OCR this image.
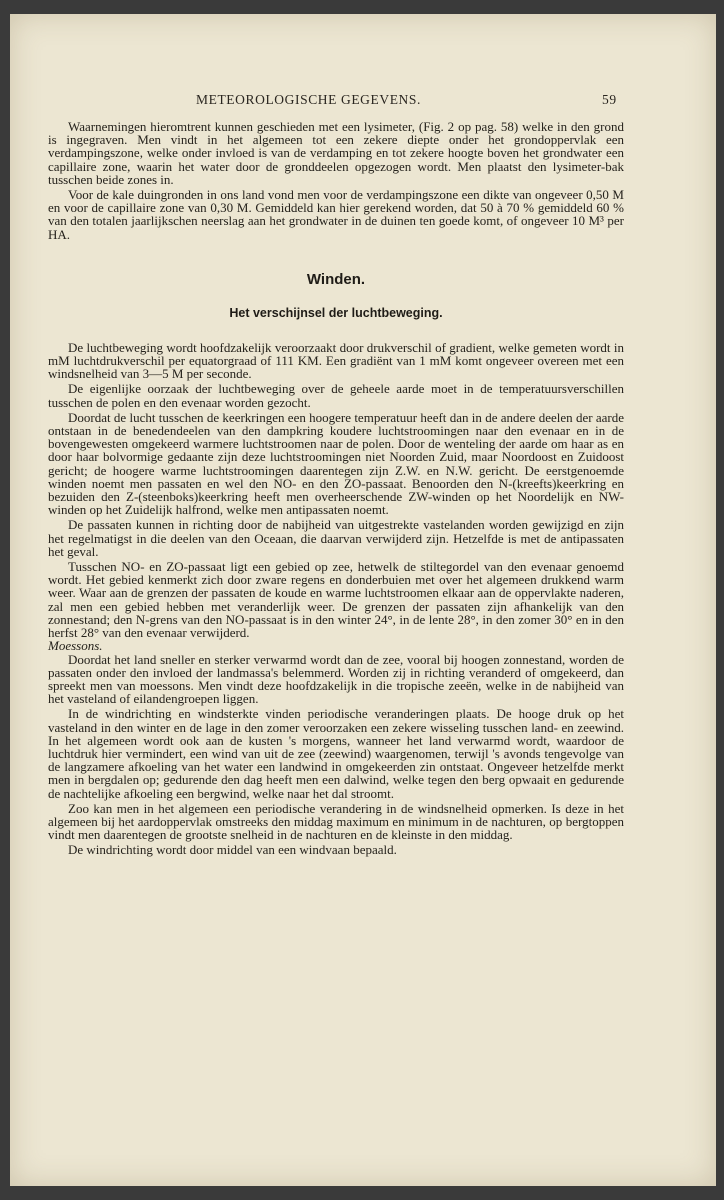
METEOROLOGISCHE GEGEVENS.	59

Waarnemingen hieromtrent kunnen geschieden met een lysimeter, (Fig. 2 op pag. 58) welke in den grond is ingegraven. Men vindt in het algemeen tot een zekere diepte onder het grondoppervlak een verdampingszone, welke onder invloed is van de verdamping en tot zekere hoogte boven het grondwater een capillaire zone, waarin het water door de gronddeelen opgezogen wordt. Men plaatst den lysimeter-bak tusschen beide zones in.

Voor de kale duingronden in ons land vond men voor de verdampingszone een dikte van ongeveer 0,50 M en voor de capillaire zone van 0,30 M. Gemiddeld kan hier gerekend worden, dat 50 à 70 % gemiddeld 60 % van den totalen jaarlijkschen neerslag aan het grondwater in de duinen ten goede komt, of ongeveer 10 M³ per HA.

Winden.
Het verschijnsel der luchtbeweging.

De luchtbeweging wordt hoofdzakelijk veroorzaakt door drukverschil of gradient, welke gemeten wordt in mM luchtdrukverschil per equatorgraad of 111 KM. Een gradiënt van 1 mM komt ongeveer overeen met een windsnelheid van 3—5 M per seconde.

De eigenlijke oorzaak der luchtbeweging over de geheele aarde moet in de temperatuursverschillen tusschen de polen en den evenaar worden gezocht.

Doordat de lucht tusschen de keerkringen een hoogere temperatuur heeft dan in de andere deelen der aarde ontstaan in de benedendeelen van den dampkring koudere luchtstroomingen naar den evenaar en in de bovengewesten omgekeerd warmere luchtstroomen naar de polen. Door de wenteling der aarde om haar as en door haar bolvormige gedaante zijn deze luchtstroomingen niet Noorden Zuid, maar Noordoost en Zuidoost gericht; de hoogere warme luchtstroomingen daarentegen zijn Z.W. en N.W. gericht. De eerstgenoemde winden noemt men passaten en wel den NO- en den ZO-passaat. Benoorden den N-(kreefts)keerkring en bezuiden den Z-(steenboks)keerkring heeft men overheerschende ZW-winden op het Noordelijk en NW-winden op het Zuidelijk halfrond, welke men antipassaten noemt.

De passaten kunnen in richting door de nabijheid van uitgestrekte vastelanden worden gewijzigd en zijn het regelmatigst in die deelen van den Oceaan, die daarvan verwijderd zijn. Hetzelfde is met de antipassaten het geval.

Tusschen NO- en ZO-passaat ligt een gebied op zee, hetwelk de stiltegordel van den evenaar genoemd wordt. Het gebied kenmerkt zich door zware regens en donderbuien met over het algemeen drukkend warm weer. Waar aan de grenzen der passaten de koude en warme luchtstroomen elkaar aan de oppervlakte naderen, zal men een gebied hebben met veranderlijk weer. De grenzen der passaten zijn afhankelijk van den zonnestand; den N-grens van den NO-passaat is in den winter 24°, in de lente 28°, in den zomer 30° en in den herfst 28° van den evenaar verwijderd.

Moessons.

Doordat het land sneller en sterker verwarmd wordt dan de zee, vooral bij hoogen zonnestand, worden de passaten onder den invloed der landmassa's belemmerd. Worden zij in richting veranderd of omgekeerd, dan spreekt men van moessons. Men vindt deze hoofdzakelijk in die tropische zeeën, welke in de nabijheid van het vasteland of eilandengroepen liggen.

In de windrichting en windsterkte vinden periodische veranderingen plaats. De hooge druk op het vasteland in den winter en de lage in den zomer veroorzaken een zekere wisseling tusschen land- en zeewind. In het algemeen wordt ook aan de kusten 's morgens, wanneer het land verwarmd wordt, waardoor de luchtdruk hier vermindert, een wind van uit de zee (zeewind) waargenomen, terwijl 's avonds tengevolge van de langzamere afkoeling van het water een landwind in omgekeerden zin ontstaat. Ongeveer hetzelfde merkt men in bergdalen op; gedurende den dag heeft men een dalwind, welke tegen den berg opwaait en gedurende de nachtelijke afkoeling een bergwind, welke naar het dal stroomt.

Zoo kan men in het algemeen een periodische verandering in de windsnelheid opmerken. Is deze in het algemeen bij het aardoppervlak omstreeks den middag maximum en minimum in de nachturen, op bergtoppen vindt men daarentegen de grootste snelheid in de nachturen en de kleinste in den middag.

De windrichting wordt door middel van een windvaan bepaald.
